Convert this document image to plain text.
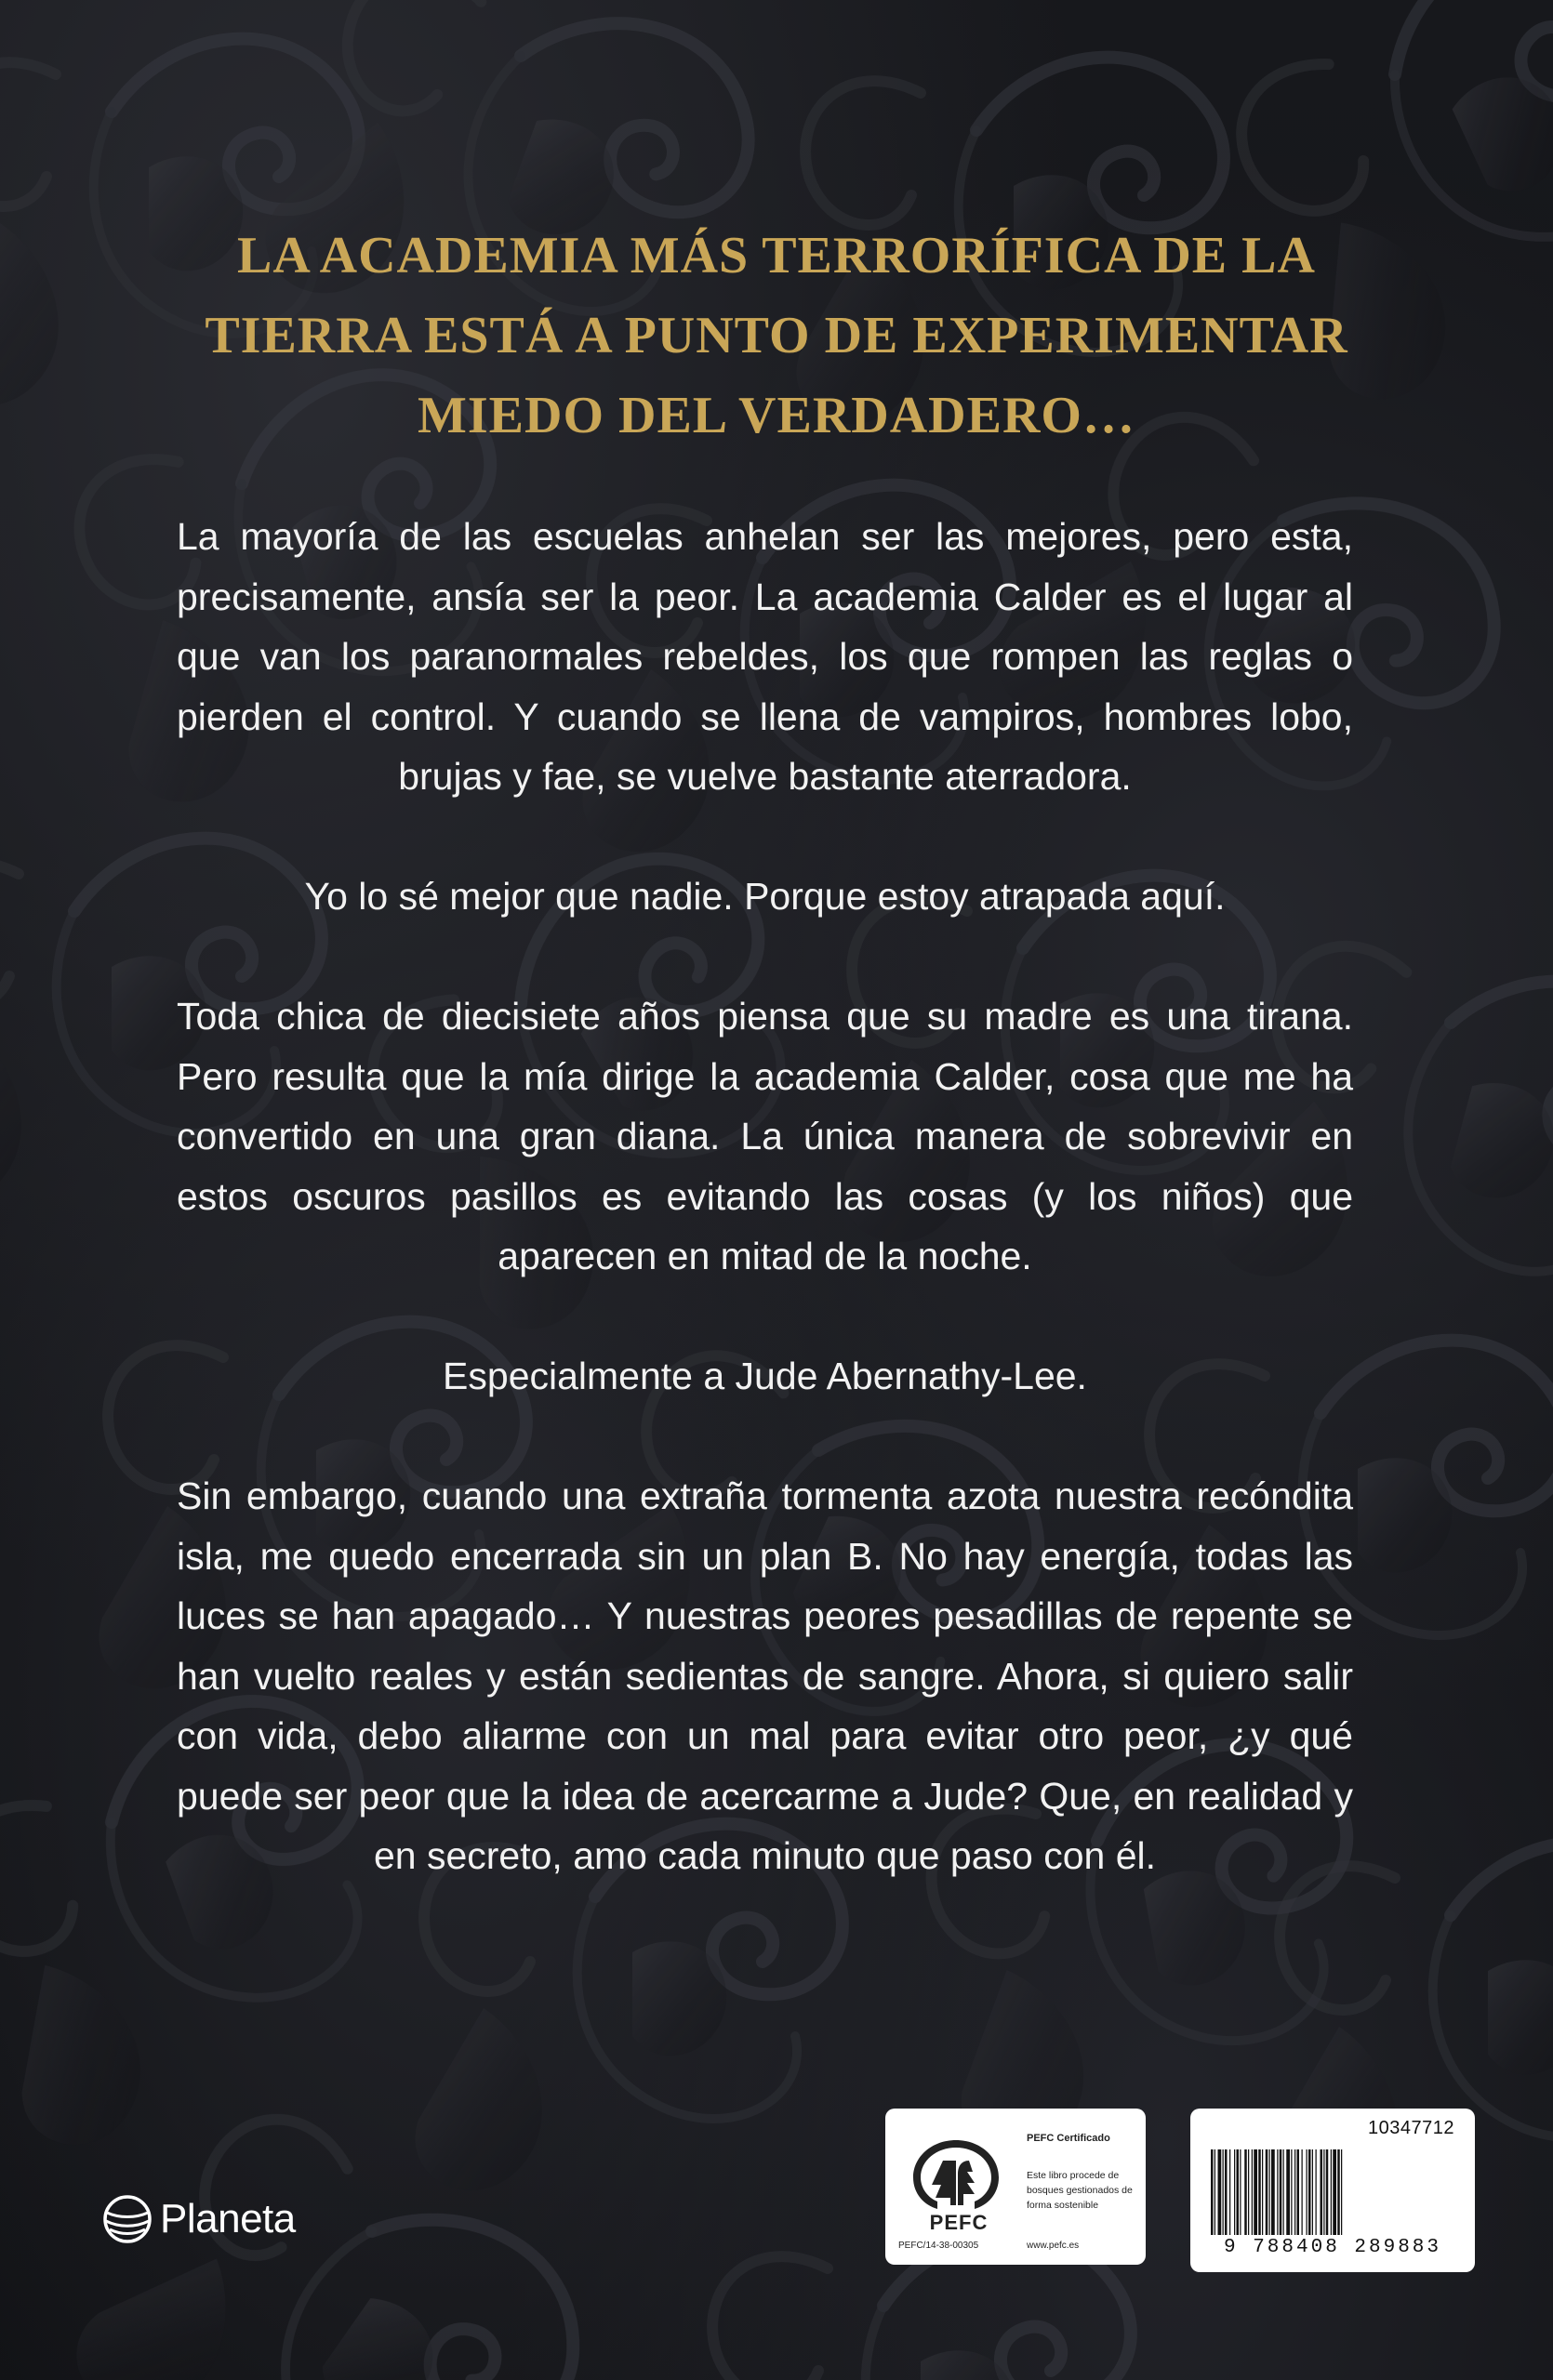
LA ACADEMIA MÁS TERRORÍFICA DE LA
TIERRA ESTÁ A PUNTO DE EXPERIMENTAR
MIEDO DEL VERDADERO…

La mayoría de las escuelas anhelan ser las mejores, pero esta, precisamente, ansía ser la peor. La academia Calder es el lugar al que van los paranormales rebeldes, los que rompen las reglas o pierden el control. Y cuando se llena de vampiros, hombres lobo, brujas y fae, se vuelve bastante aterradora.

Yo lo sé mejor que nadie. Porque estoy atrapada aquí.

Toda chica de diecisiete años piensa que su madre es una tirana. Pero resulta que la mía dirige la academia Calder, cosa que me ha convertido en una gran diana. La única manera de sobrevivir en estos oscuros pasillos es evitando las cosas (y los niños) que aparecen en mitad de la noche.

Especialmente a Jude Abernathy-Lee.

Sin embargo, cuando una extraña tormenta azota nuestra recóndita isla, me quedo encerrada sin un plan B. No hay energía, todas las luces se han apagado… Y nuestras peores pesadillas de repente se han vuelto reales y están sedientas de sangre. Ahora, si quiero salir con vida, debo aliarme con un mal para evitar otro peor, ¿y qué puede ser peor que la idea de acercarme a Jude? Que, en realidad y en secreto, amo cada minuto que paso con él.

Planeta	PEFC
PEFC/14-38-00305
PEFC Certificado
Este libro procede de bosques gestionados de forma sostenible
www.pefc.es
10347712
9 788408 289883
